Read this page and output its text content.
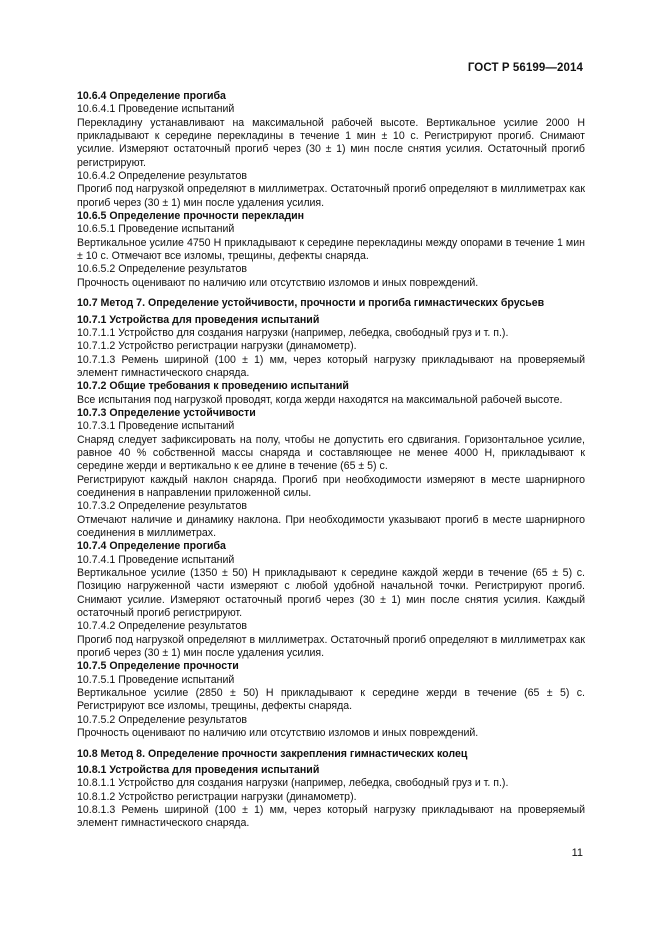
ГОСТ Р 56199—2014
10.6.4 Определение прогиба
10.6.4.1 Проведение испытаний
Перекладину устанавливают на максимальной рабочей высоте. Вертикальное усилие 2000 Н прикладывают к середине перекладины в течение 1 мин ± 10 с. Регистрируют прогиб. Снимают усилие. Измеряют остаточный прогиб через (30 ± 1) мин после снятия усилия. Остаточный прогиб регистрируют.
10.6.4.2 Определение результатов
Прогиб под нагрузкой определяют в миллиметрах. Остаточный прогиб определяют в миллиметрах как прогиб через (30 ± 1) мин после удаления усилия.
10.6.5 Определение прочности перекладин
10.6.5.1 Проведение испытаний
Вертикальное усилие 4750 Н прикладывают к середине перекладины между опорами в течение 1 мин ± 10 с. Отмечают все изломы, трещины, дефекты снаряда.
10.6.5.2 Определение результатов
Прочность оценивают по наличию или отсутствию изломов и иных повреждений.
10.7 Метод 7. Определение устойчивости, прочности и прогиба гимнастических брусьев
10.7.1 Устройства для проведения испытаний
10.7.1.1 Устройство для создания нагрузки (например, лебедка, свободный груз и т. п.).
10.7.1.2 Устройство регистрации нагрузки (динамометр).
10.7.1.3 Ремень шириной (100 ± 1) мм, через который нагрузку прикладывают на проверяемый элемент гимнастического снаряда.
10.7.2 Общие требования к проведению испытаний
Все испытания под нагрузкой проводят, когда жерди находятся на максимальной рабочей высоте.
10.7.3 Определение устойчивости
10.7.3.1 Проведение испытаний
Снаряд следует зафиксировать на полу, чтобы не допустить его сдвигания. Горизонтальное усилие, равное 40 % собственной массы снаряда и составляющее не менее 4000 Н, прикладывают к середине жерди и вертикально к ее длине в течение (65 ± 5) с.
Регистрируют каждый наклон снаряда. Прогиб при необходимости измеряют в месте шарнирного соединения в направлении приложенной силы.
10.7.3.2 Определение результатов
Отмечают наличие и динамику наклона. При необходимости указывают прогиб в месте шарнирного соединения в миллиметрах.
10.7.4 Определение прогиба
10.7.4.1 Проведение испытаний
Вертикальное усилие (1350 ± 50) Н прикладывают к середине каждой жерди в течение (65 ± 5) с. Позицию нагруженной части измеряют с любой удобной начальной точки. Регистрируют прогиб. Снимают усилие. Измеряют остаточный прогиб через (30 ± 1) мин после снятия усилия. Каждый остаточный прогиб регистрируют.
10.7.4.2 Определение результатов
Прогиб под нагрузкой определяют в миллиметрах. Остаточный прогиб определяют в миллиметрах как прогиб через (30 ± 1) мин после удаления усилия.
10.7.5 Определение прочности
10.7.5.1 Проведение испытаний
Вертикальное усилие (2850 ± 50) Н прикладывают к середине жерди в течение (65 ± 5) с. Регистрируют все изломы, трещины, дефекты снаряда.
10.7.5.2 Определение результатов
Прочность оценивают по наличию или отсутствию изломов и иных повреждений.
10.8 Метод 8. Определение прочности закрепления гимнастических колец
10.8.1 Устройства для проведения испытаний
10.8.1.1 Устройство для создания нагрузки (например, лебедка, свободный груз и т. п.).
10.8.1.2 Устройство регистрации нагрузки (динамометр).
10.8.1.3 Ремень шириной (100 ± 1) мм, через который нагрузку прикладывают на проверяемый элемент гимнастического снаряда.
11
